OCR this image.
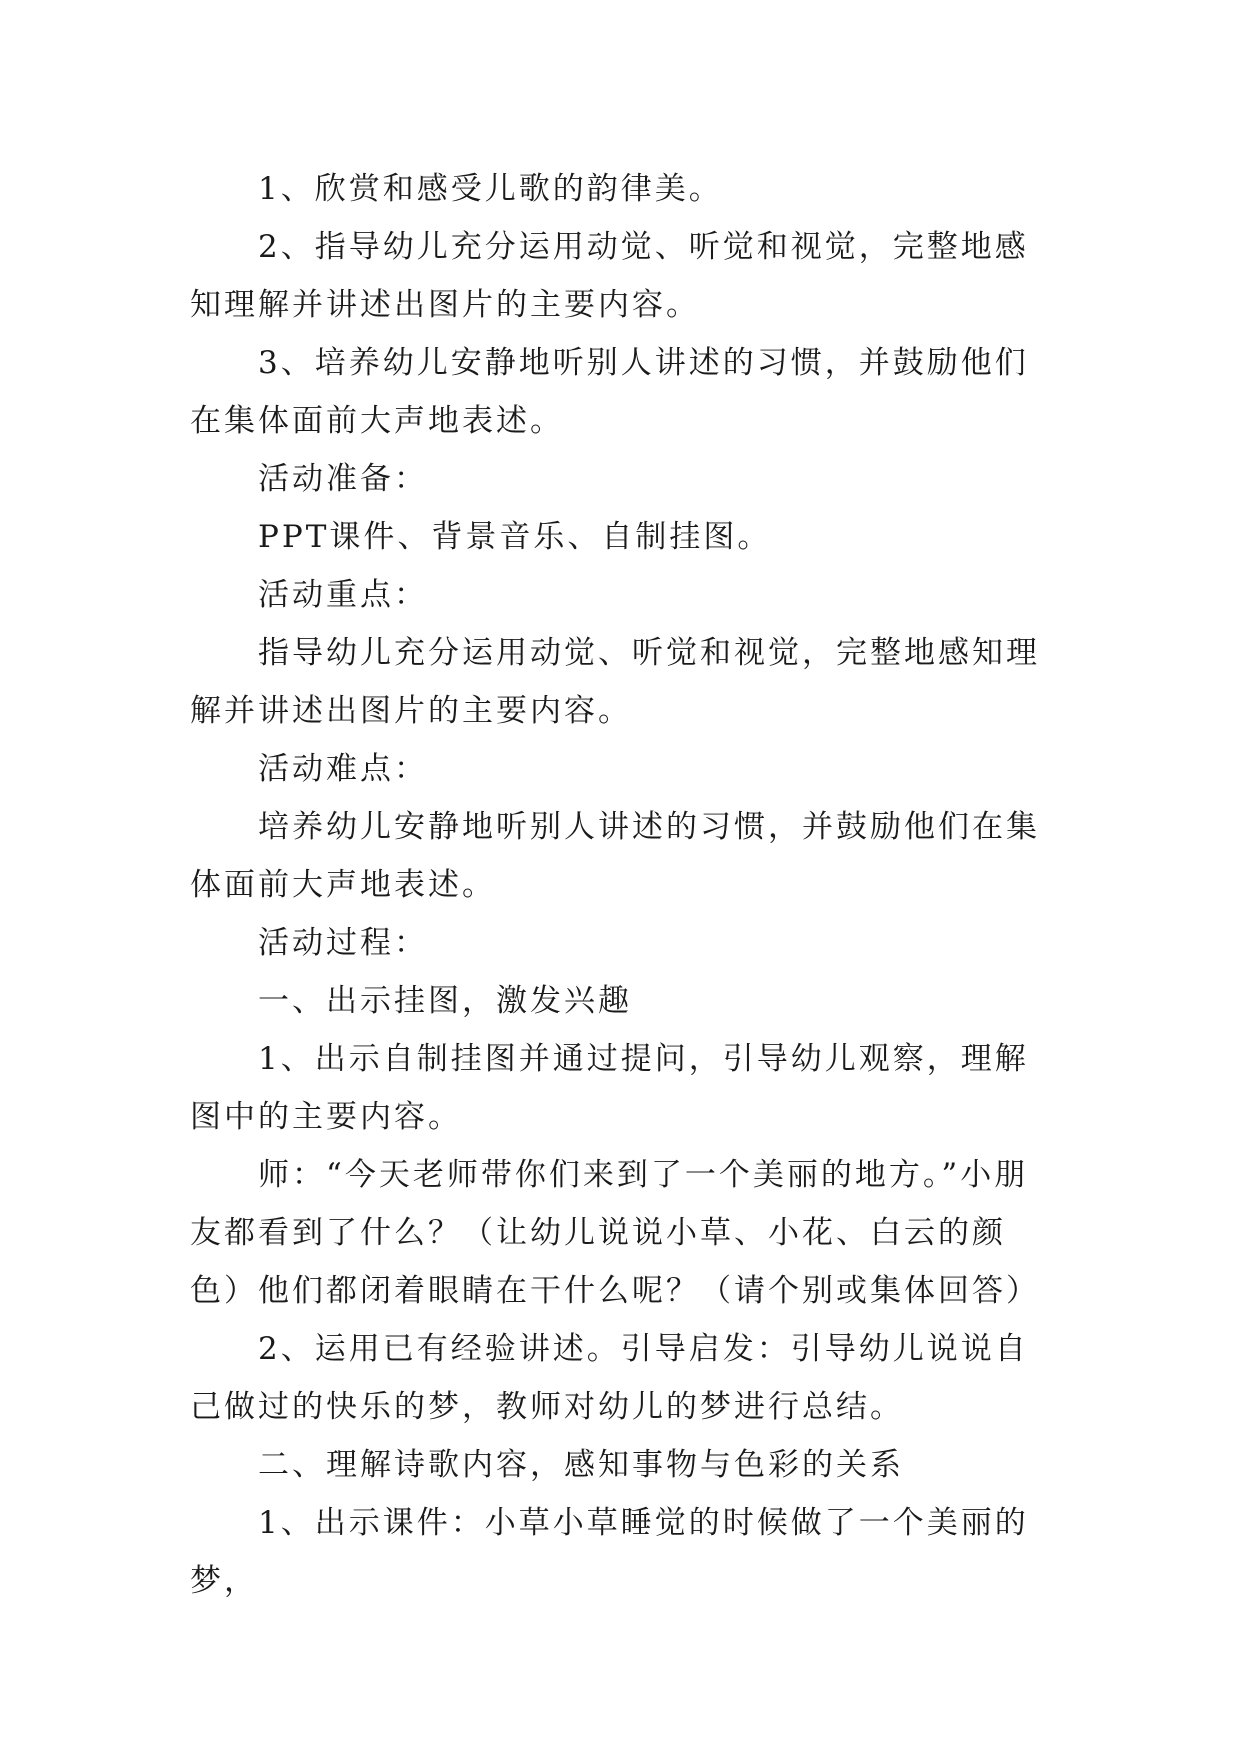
1、欣赏和感受儿歌的韵律美。

2、指导幼儿充分运用动觉、听觉和视觉，完整地感知理解并讲述出图片的主要内容。

3、培养幼儿安静地听别人讲述的习惯，并鼓励他们在集体面前大声地表述。

活动准备：

PPT课件、背景音乐、自制挂图。

活动重点：

指导幼儿充分运用动觉、听觉和视觉，完整地感知理解并讲述出图片的主要内容。

活动难点：

培养幼儿安静地听别人讲述的习惯，并鼓励他们在集体面前大声地表述。

活动过程：

一、出示挂图，激发兴趣

1、出示自制挂图并通过提问，引导幼儿观察，理解图中的主要内容。

师：“今天老师带你们来到了一个美丽的地方。”小朋友都看到了什么？（让幼儿说说小草、小花、白云的颜色）他们都闭着眼睛在干什么呢？（请个别或集体回答）

2、运用已有经验讲述。引导启发：引导幼儿说说自己做过的快乐的梦，教师对幼儿的梦进行总结。

二、理解诗歌内容，感知事物与色彩的关系

1、出示课件：小草小草睡觉的时候做了一个美丽的梦，
